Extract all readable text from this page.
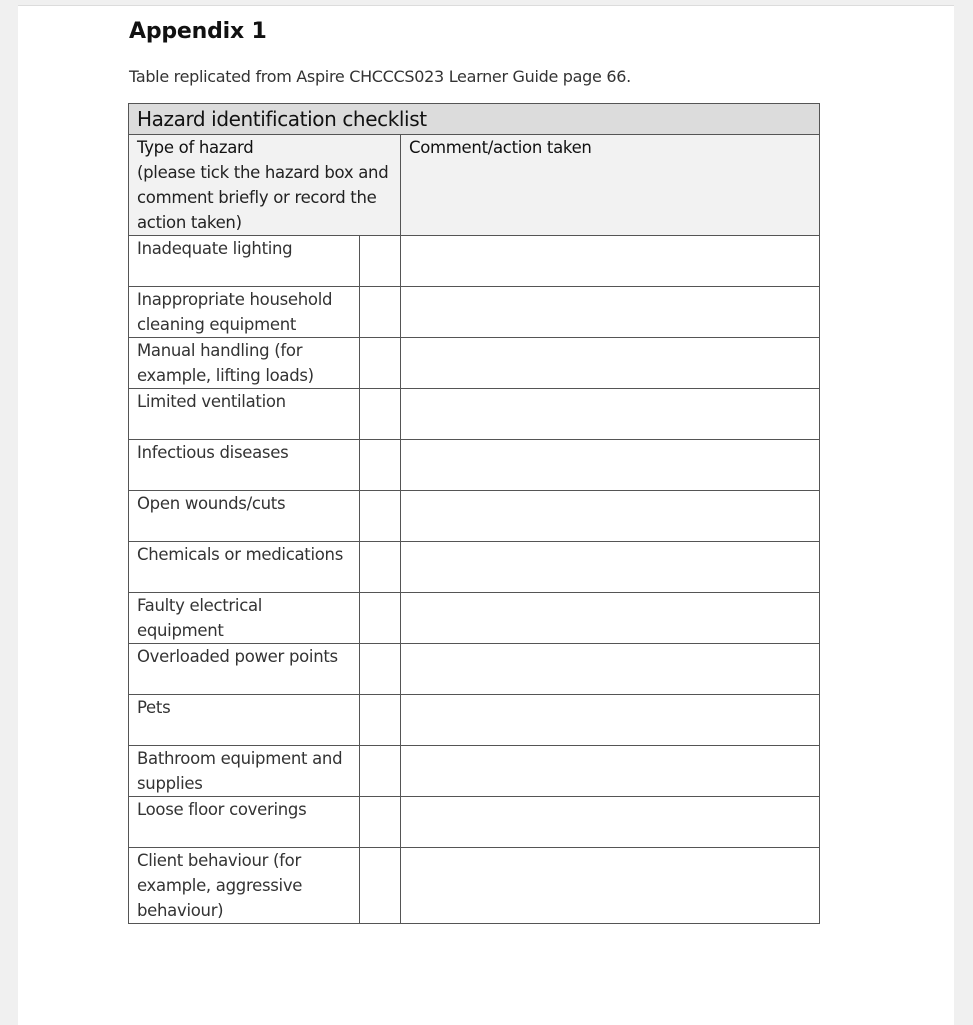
Appendix 1

Table replicated from Aspire CHCCCS023 Learner Guide page 66.

Hazard identification checklist		
Type of hazard
(please tick the hazard box and comment briefly or record the action taken)		Comment/action taken
Inadequate lighting		
Inappropriate household cleaning equipment		
Manual handling (for example, lifting loads)		
Limited ventilation		
Infectious diseases		
Open wounds/cuts		
Chemicals or medications		
Faulty electrical equipment		
Overloaded power points		
Pets		
Bathroom equipment and supplies		
Loose floor coverings		
Client behaviour (for example, aggressive behaviour)		
